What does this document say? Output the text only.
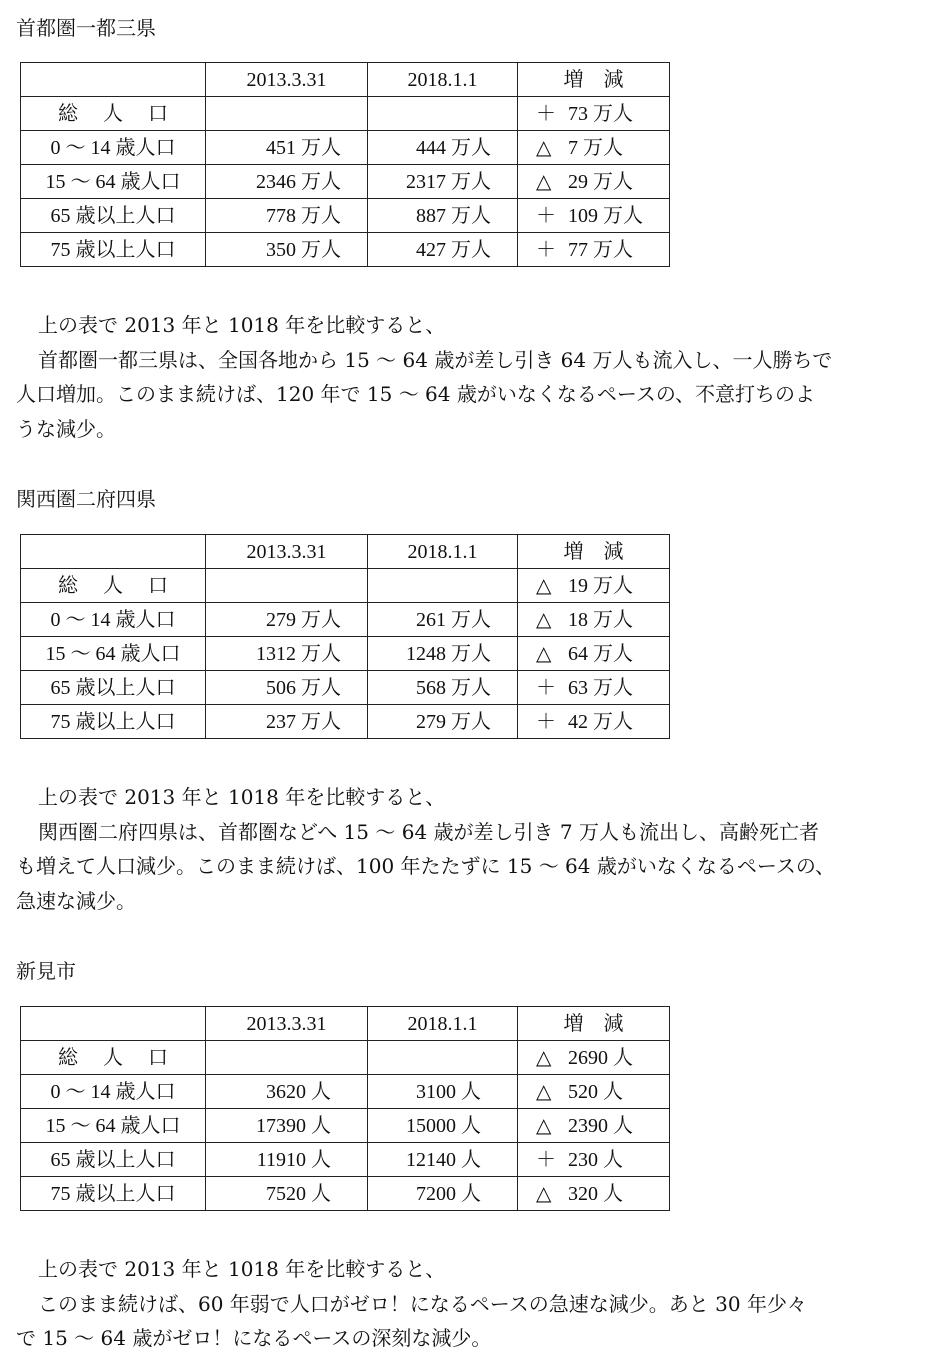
首都圏一都三県
	2013.3.31	2018.1.1	増　減
総 人 口			＋ 73 万人
0 〜 14 歳人口	451 万人	444 万人	△ 7 万人
15 〜 64 歳人口	2346 万人	2317 万人	△ 29 万人
65 歳以上人口	778 万人	887 万人	＋ 109 万人
75 歳以上人口	350 万人	427 万人	＋ 77 万人

上の表で 2013 年と 1018 年を比較すると、
首都圏一都三県は、全国各地から 15 〜 64 歳が差し引き 64 万人も流入し、一人勝ちで
人口増加。このまま続けば、120 年で 15 〜 64 歳がいなくなるペースの、不意打ちのよ
うな減少。

関西圏二府四県
	2013.3.31	2018.1.1	増　減
総 人 口			△ 19 万人
0 〜 14 歳人口	279 万人	261 万人	△ 18 万人
15 〜 64 歳人口	1312 万人	1248 万人	△ 64 万人
65 歳以上人口	506 万人	568 万人	＋ 63 万人
75 歳以上人口	237 万人	279 万人	＋ 42 万人

上の表で 2013 年と 1018 年を比較すると、
関西圏二府四県は、首都圏などへ 15 〜 64 歳が差し引き 7 万人も流出し、高齢死亡者
も増えて人口減少。このまま続けば、100 年たたずに 15 〜 64 歳がいなくなるペースの、
急速な減少。

新見市
	2013.3.31	2018.1.1	増　減
総 人 口			△ 2690 人
0 〜 14 歳人口	3620 人	3100 人	△ 520 人
15 〜 64 歳人口	17390 人	15000 人	△ 2390 人
65 歳以上人口	11910 人	12140 人	＋ 230 人
75 歳以上人口	7520 人	7200 人	△ 320 人

上の表で 2013 年と 1018 年を比較すると、
このまま続けば、60 年弱で人口がゼロ！になるペースの急速な減少。あと 30 年少々
で 15 〜 64 歳がゼロ！になるペースの深刻な減少。
